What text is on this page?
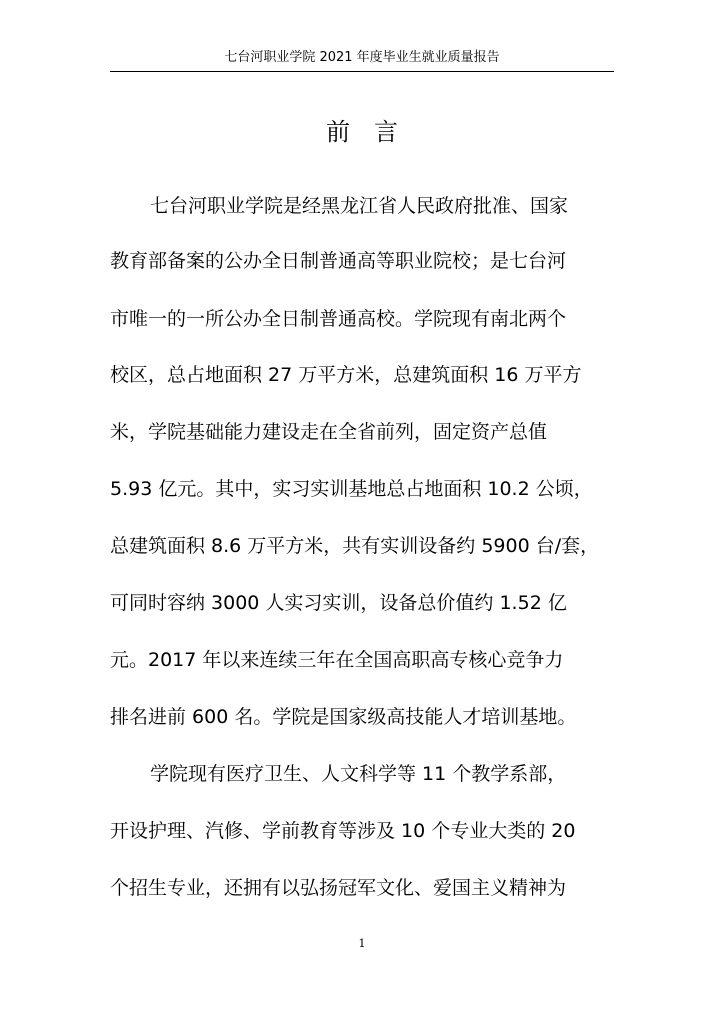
七台河职业学院 2021 年度毕业生就业质量报告
前言
七台河职业学院是经黑龙江省人民政府批准、国家
教育部备案的公办全日制普通高等职业院校；是七台河
市唯一的一所公办全日制普通高校。学院现有南北两个
校区，总占地面积 27 万平方米，总建筑面积 16 万平方
米，学院基础能力建设走在全省前列，固定资产总值
5.93 亿元。其中，实习实训基地总占地面积 10.2 公顷，
总建筑面积 8.6 万平方米，共有实训设备约 5900 台/套，
可同时容纳 3000 人实习实训，设备总价值约 1.52 亿
元。2017 年以来连续三年在全国高职高专核心竞争力
排名进前 600 名。学院是国家级高技能人才培训基地。
学院现有医疗卫生、人文科学等 11 个教学系部，
开设护理、汽修、学前教育等涉及 10 个专业大类的 20
个招生专业，还拥有以弘扬冠军文化、爱国主义精神为
1
